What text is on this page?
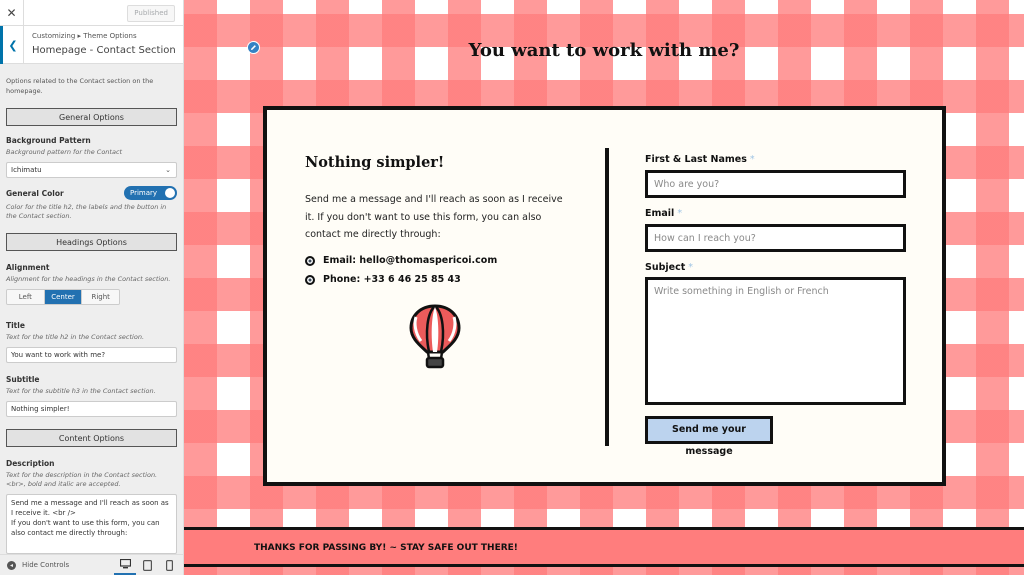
✕	Published
❮
Customizing ▸ Theme Options
Homepage - Contact Section
Options related to the Contact section on the homepage.
General Options
Background Pattern
Background pattern for the Contact
Ichimatu	⌄
General Color	Primary
Color for the title h2, the labels and the button in the Contact section.
Headings Options
Alignment
Alignment for the headings in the Contact section.
Left	Center	Right
Title
Text for the title h2 in the Contact section.
You want to work with me?
Subtitle
Text for the subtitle h3 in the Contact section.
Nothing simpler!
Content Options
Description
Text for the description in the Contact section. <br>, bold and italic are accepted.
Send me a message and I'll reach as soon as I receive it. <br />
If you don't want to use this form, you can also contact me directly through:
◂	Hide Controls
You want to work with me?
Nothing simpler!
Send me a message and I'll reach as soon as I receive it. If you don't want to use this form, you can also contact me directly through:
Email: hello@thomaspericoi.com
Phone: +33 6 46 25 85 43
First & Last Names *
Who are you?
Email *
How can I reach you?
Subject *
Write something in English or French
Send me your message
THANKS FOR PASSING BY! ~ STAY SAFE OUT THERE!
